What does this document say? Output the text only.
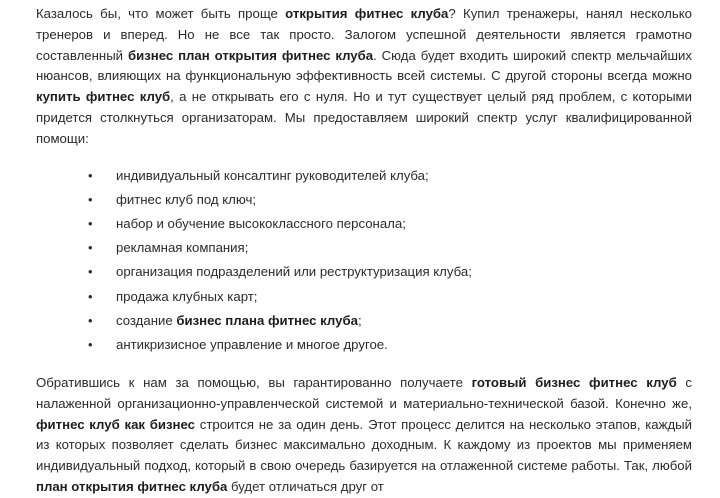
Казалось бы, что может быть проще открытия фитнес клуба? Купил тренажеры, нанял несколько тренеров и вперед. Но не все так просто. Залогом успешной деятельности является грамотно составленный бизнес план открытия фитнес клуба. Сюда будет входить широкий спектр мельчайших нюансов, влияющих на функциональную эффективность всей системы. С другой стороны всегда можно купить фитнес клуб, а не открывать его с нуля. Но и тут существует целый ряд проблем, с которыми придется столкнуться организаторам. Мы предоставляем широкий спектр услуг квалифицированной помощи:

• индивидуальный консалтинг руководителей клуба;
• фитнес клуб под ключ;
• набор и обучение высококлассного персонала;
• рекламная компания;
• организация подразделений или реструктуризация клуба;
• продажа клубных карт;
• создание бизнес плана фитнес клуба;
• антикризисное управление и многое другое.

Обратившись к нам за помощью, вы гарантированно получаете готовый бизнес фитнес клуб с налаженной организационно-управленческой системой и материально-технической базой. Конечно же, фитнес клуб как бизнес строится не за один день. Этот процесс делится на несколько этапов, каждый из которых позволяет сделать бизнес максимально доходным. К каждому из проектов мы применяем индивидуальный подход, который в свою очередь базируется на отлаженной системе работы. Так, любой план открытия фитнес клуба будет отличаться друг от
